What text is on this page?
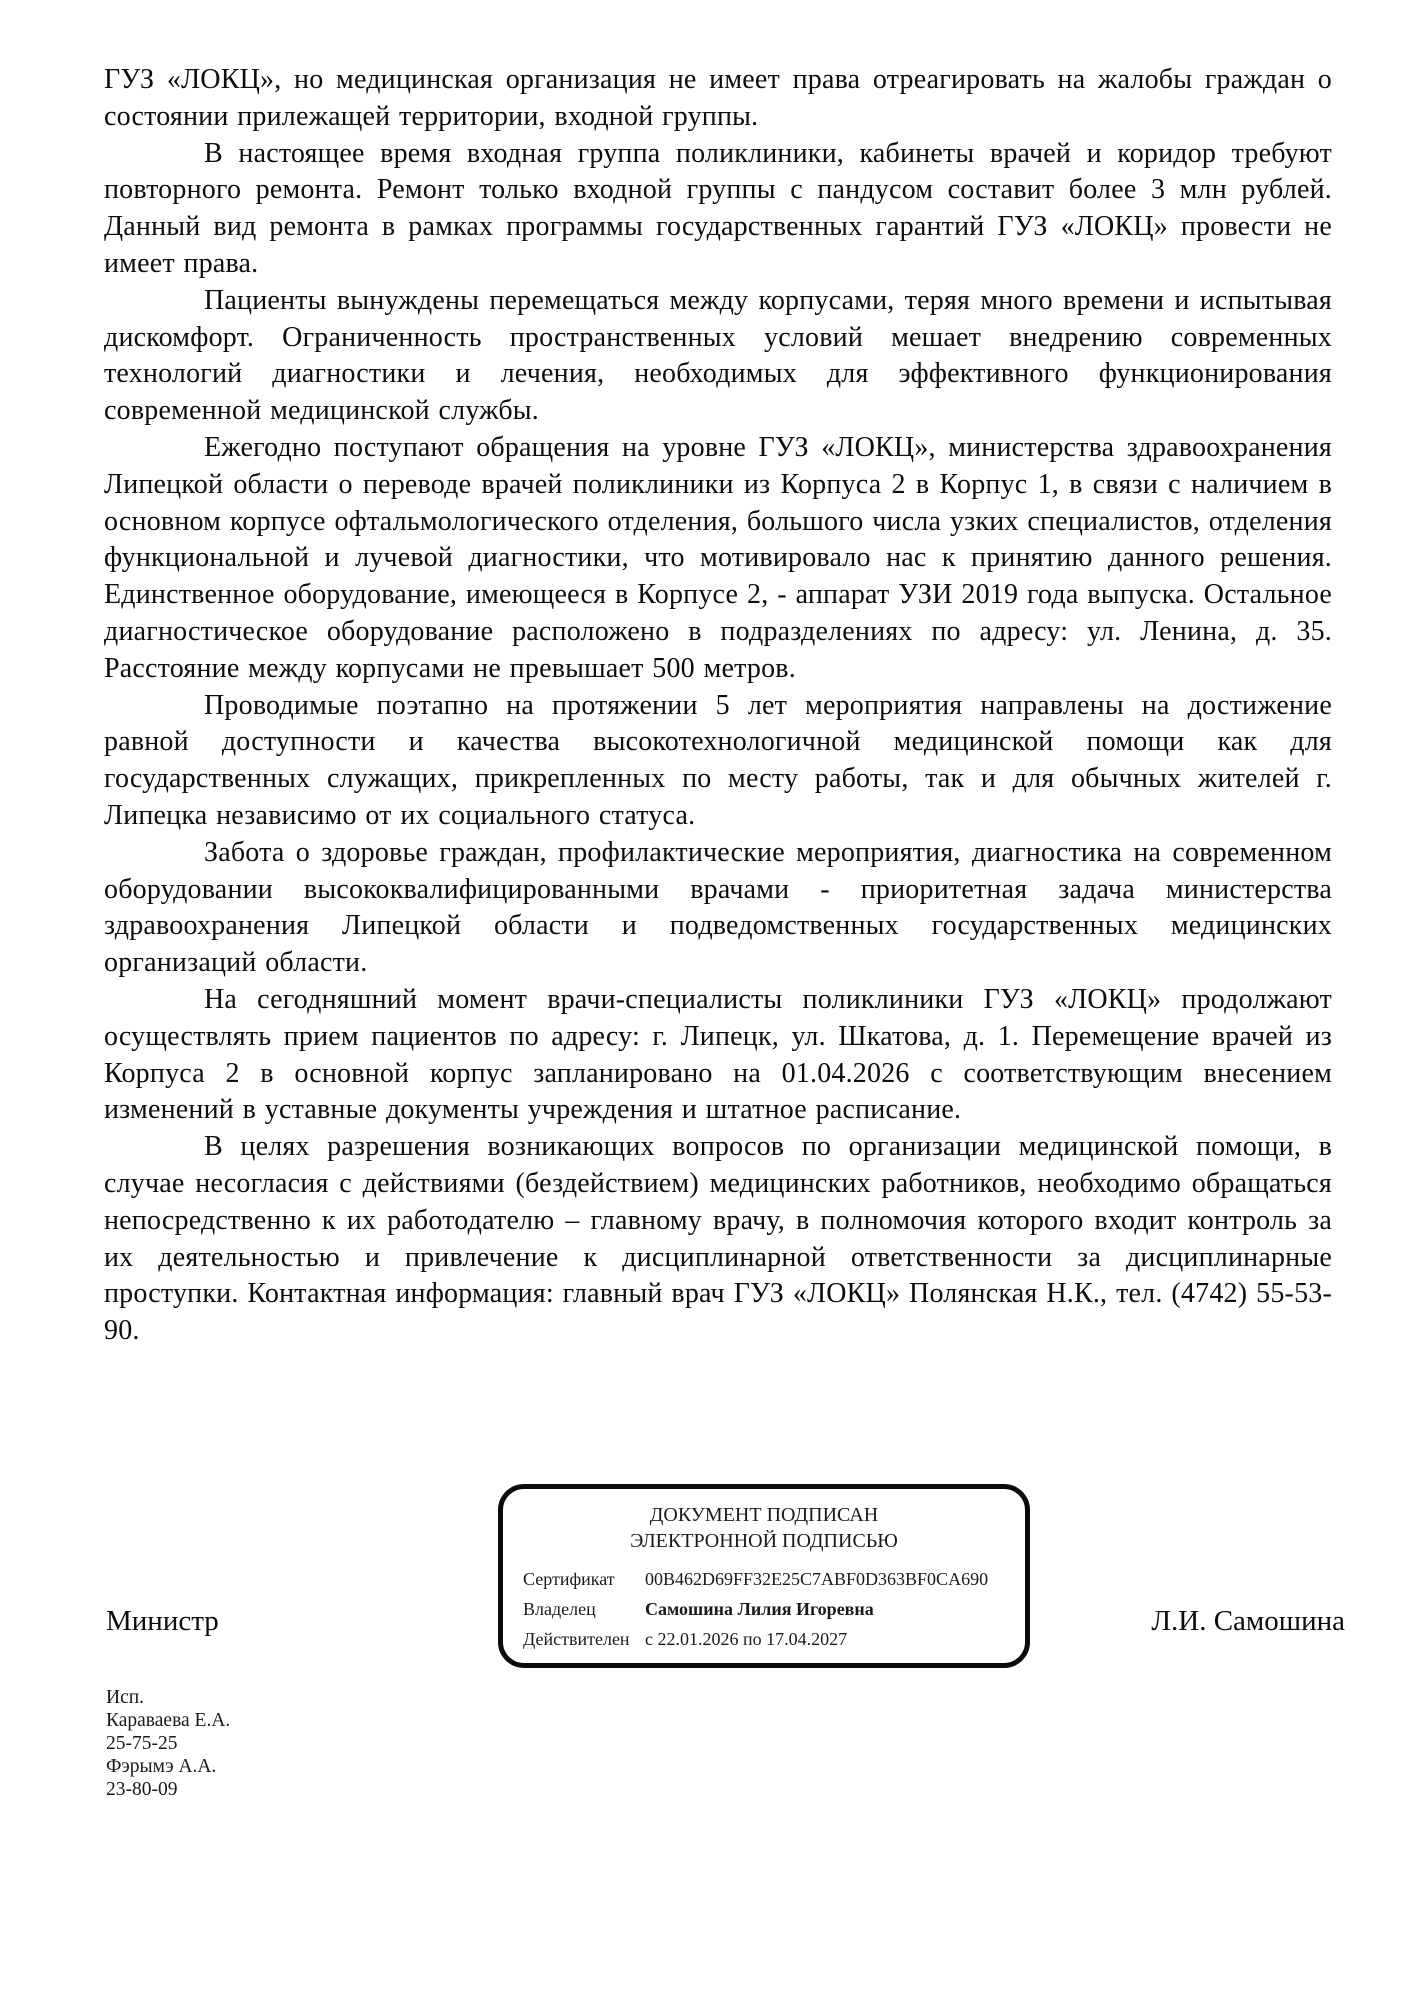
ГУЗ «ЛОКЦ», но медицинская организация не имеет права отреагировать на жалобы граждан о состоянии прилежащей территории, входной группы.

В настоящее время входная группа поликлиники, кабинеты врачей и коридор требуют повторного ремонта. Ремонт только входной группы с пандусом составит более 3 млн рублей. Данный вид ремонта в рамках программы государственных гарантий ГУЗ «ЛОКЦ» провести не имеет права.

Пациенты вынуждены перемещаться между корпусами, теряя много времени и испытывая дискомфорт. Ограниченность пространственных условий мешает внедрению современных технологий диагностики и лечения, необходимых для эффективного функционирования современной медицинской службы.

Ежегодно поступают обращения на уровне ГУЗ «ЛОКЦ», министерства здравоохранения Липецкой области о переводе врачей поликлиники из Корпуса 2 в Корпус 1, в связи с наличием в основном корпусе офтальмологического отделения, большого числа узких специалистов, отделения функциональной и лучевой диагностики, что мотивировало нас к принятию данного решения. Единственное оборудование, имеющееся в Корпусе 2, - аппарат УЗИ 2019 года выпуска. Остальное диагностическое оборудование расположено в подразделениях по адресу: ул. Ленина, д. 35. Расстояние между корпусами не превышает 500 метров.

Проводимые поэтапно на протяжении 5 лет мероприятия направлены на достижение равной доступности и качества высокотехнологичной медицинской помощи как для государственных служащих, прикрепленных по месту работы, так и для обычных жителей г. Липецка независимо от их социального статуса.

Забота о здоровье граждан, профилактические мероприятия, диагностика на современном оборудовании высококвалифицированными врачами - приоритетная задача министерства здравоохранения Липецкой области и подведомственных государственных медицинских организаций области.

На сегодняшний момент врачи-специалисты поликлиники ГУЗ «ЛОКЦ» продолжают осуществлять прием пациентов по адресу: г. Липецк, ул. Шкатова, д. 1. Перемещение врачей из Корпуса 2 в основной корпус запланировано на 01.04.2026 с соответствующим внесением изменений в уставные документы учреждения и штатное расписание.

В целях разрешения возникающих вопросов по организации медицинской помощи, в случае несогласия с действиями (бездействием) медицинских работников, необходимо обращаться непосредственно к их работодателю – главному врачу, в полномочия которого входит контроль за их деятельностью и привлечение к дисциплинарной ответственности за дисциплинарные проступки. Контактная информация: главный врач ГУЗ «ЛОКЦ» Полянская Н.К., тел. (4742) 55-53-90.

Министр
ДОКУМЕНТ ПОДПИСАН
ЭЛЕКТРОННОЙ ПОДПИСЬЮ
Сертификат	00B462D69FF32E25C7ABF0D363BF0CA690
Владелец	Самошина Лилия Игоревна
Действителен с 22.01.2026 по 17.04.2027
Л.И. Самошина
Исп.
Караваева Е.А.
25-75-25
Фэрымэ А.А.
23-80-09
